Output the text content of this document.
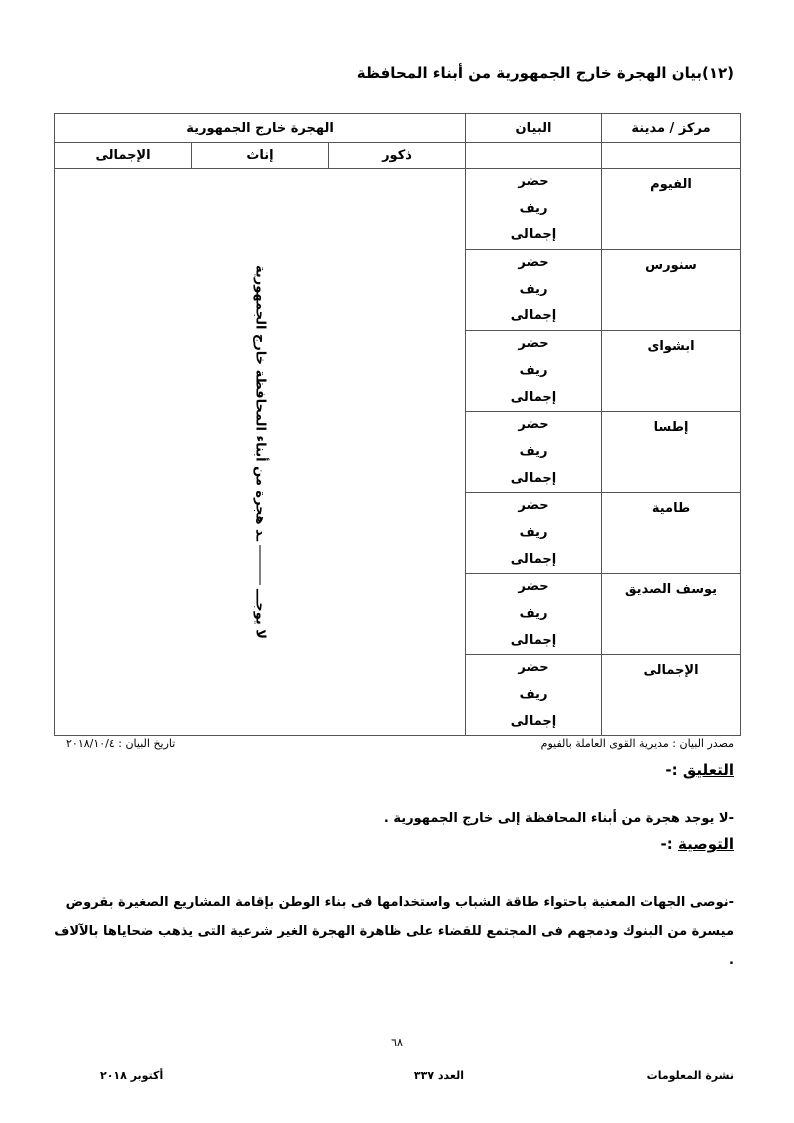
(١٢)بيان الهجرة خارج الجمهورية من أبناء المحافظة
مركز / مدينة	البيان	الهجرة خارج الجمهورية		
		ذكور	إناث	الإجمالى
الفيوم	حضر
ريف
إجمالى	لا يوجــــد هجرة من أبناء المحافظة خارج الجمهورية		

سنورس	حضر
ريف
إجمالى			

ابشواى	حضر
ريف
إجمالى			

إطسا	حضر
ريف
إجمالى			

طامية	حضر
ريف
إجمالى			

يوسف الصديق	حضر
ريف
إجمالى			

الإجمالى	حضر
ريف
إجمالى			
مصدر البيان : مديرية القوى العاملة بالفيوم
تاريخ البيان : ٢٠١٨/١٠/٤
التعليق :-
-لا يوجد هجرة من أبناء المحافظة إلى خارج الجمهورية .
التوصية :-
-نوصى الجهات المعنية باحتواء طاقة الشباب واستخدامها فى بناء الوطن بإقامة المشاريع الصغيرة بقروض ميسرة من البنوك ودمجهم فى المجتمع للقضاء على ظاهرة الهجرة الغير شرعية التى يذهب ضحاياها بالآلاف .
٦٨
نشرة المعلومات
العدد ٣٣٧
أكتوبر ٢٠١٨
